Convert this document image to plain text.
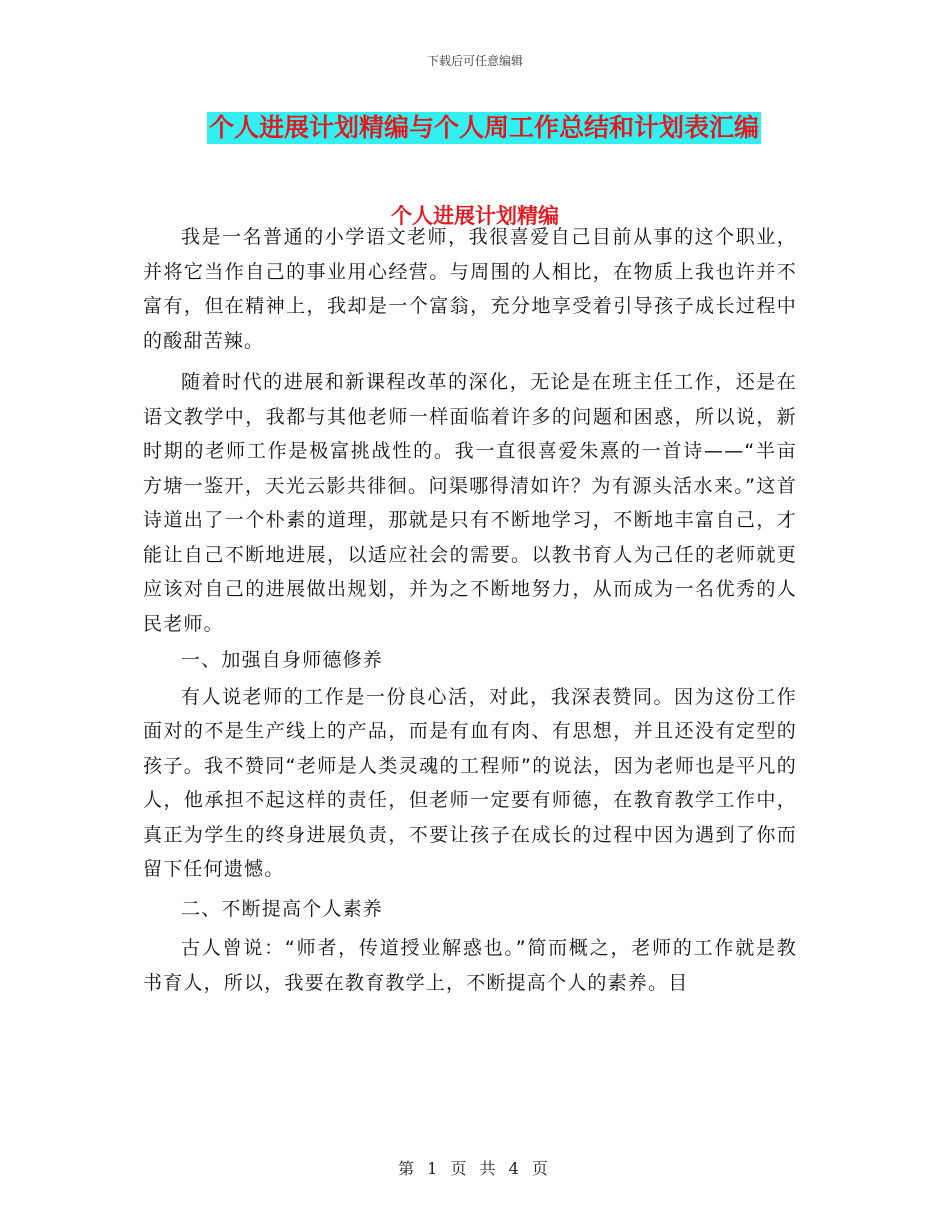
下载后可任意编辑
个人进展计划精编与个人周工作总结和计划表汇编
个人进展计划精编

我是一名普通的小学语文老师，我很喜爱自己目前从事的这个职业，并将它当作自己的事业用心经营。与周围的人相比，在物质上我也许并不富有，但在精神上，我却是一个富翁，充分地享受着引导孩子成长过程中的酸甜苦辣。

随着时代的进展和新课程改革的深化，无论是在班主任工作，还是在语文教学中，我都与其他老师一样面临着许多的问题和困惑，所以说，新时期的老师工作是极富挑战性的。我一直很喜爱朱熹的一首诗——“半亩方塘一鉴开，天光云影共徘徊。问渠哪得清如许？为有源头活水来。”这首诗道出了一个朴素的道理，那就是只有不断地学习，不断地丰富自己，才能让自己不断地进展，以适应社会的需要。以教书育人为己任的老师就更应该对自己的进展做出规划，并为之不断地努力，从而成为一名优秀的人民老师。

一、加强自身师德修养

有人说老师的工作是一份良心活，对此，我深表赞同。因为这份工作面对的不是生产线上的产品，而是有血有肉、有思想，并且还没有定型的孩子。我不赞同“老师是人类灵魂的工程师”的说法，因为老师也是平凡的人，他承担不起这样的责任，但老师一定要有师德，在教育教学工作中，真正为学生的终身进展负责，不要让孩子在成长的过程中因为遇到了你而留下任何遗憾。

二、不断提高个人素养

古人曾说：“师者，传道授业解惑也。”简而概之，老师的工作就是教书育人，所以，我要在教育教学上，不断提高个人的素养。目

第 1 页 共 4 页
